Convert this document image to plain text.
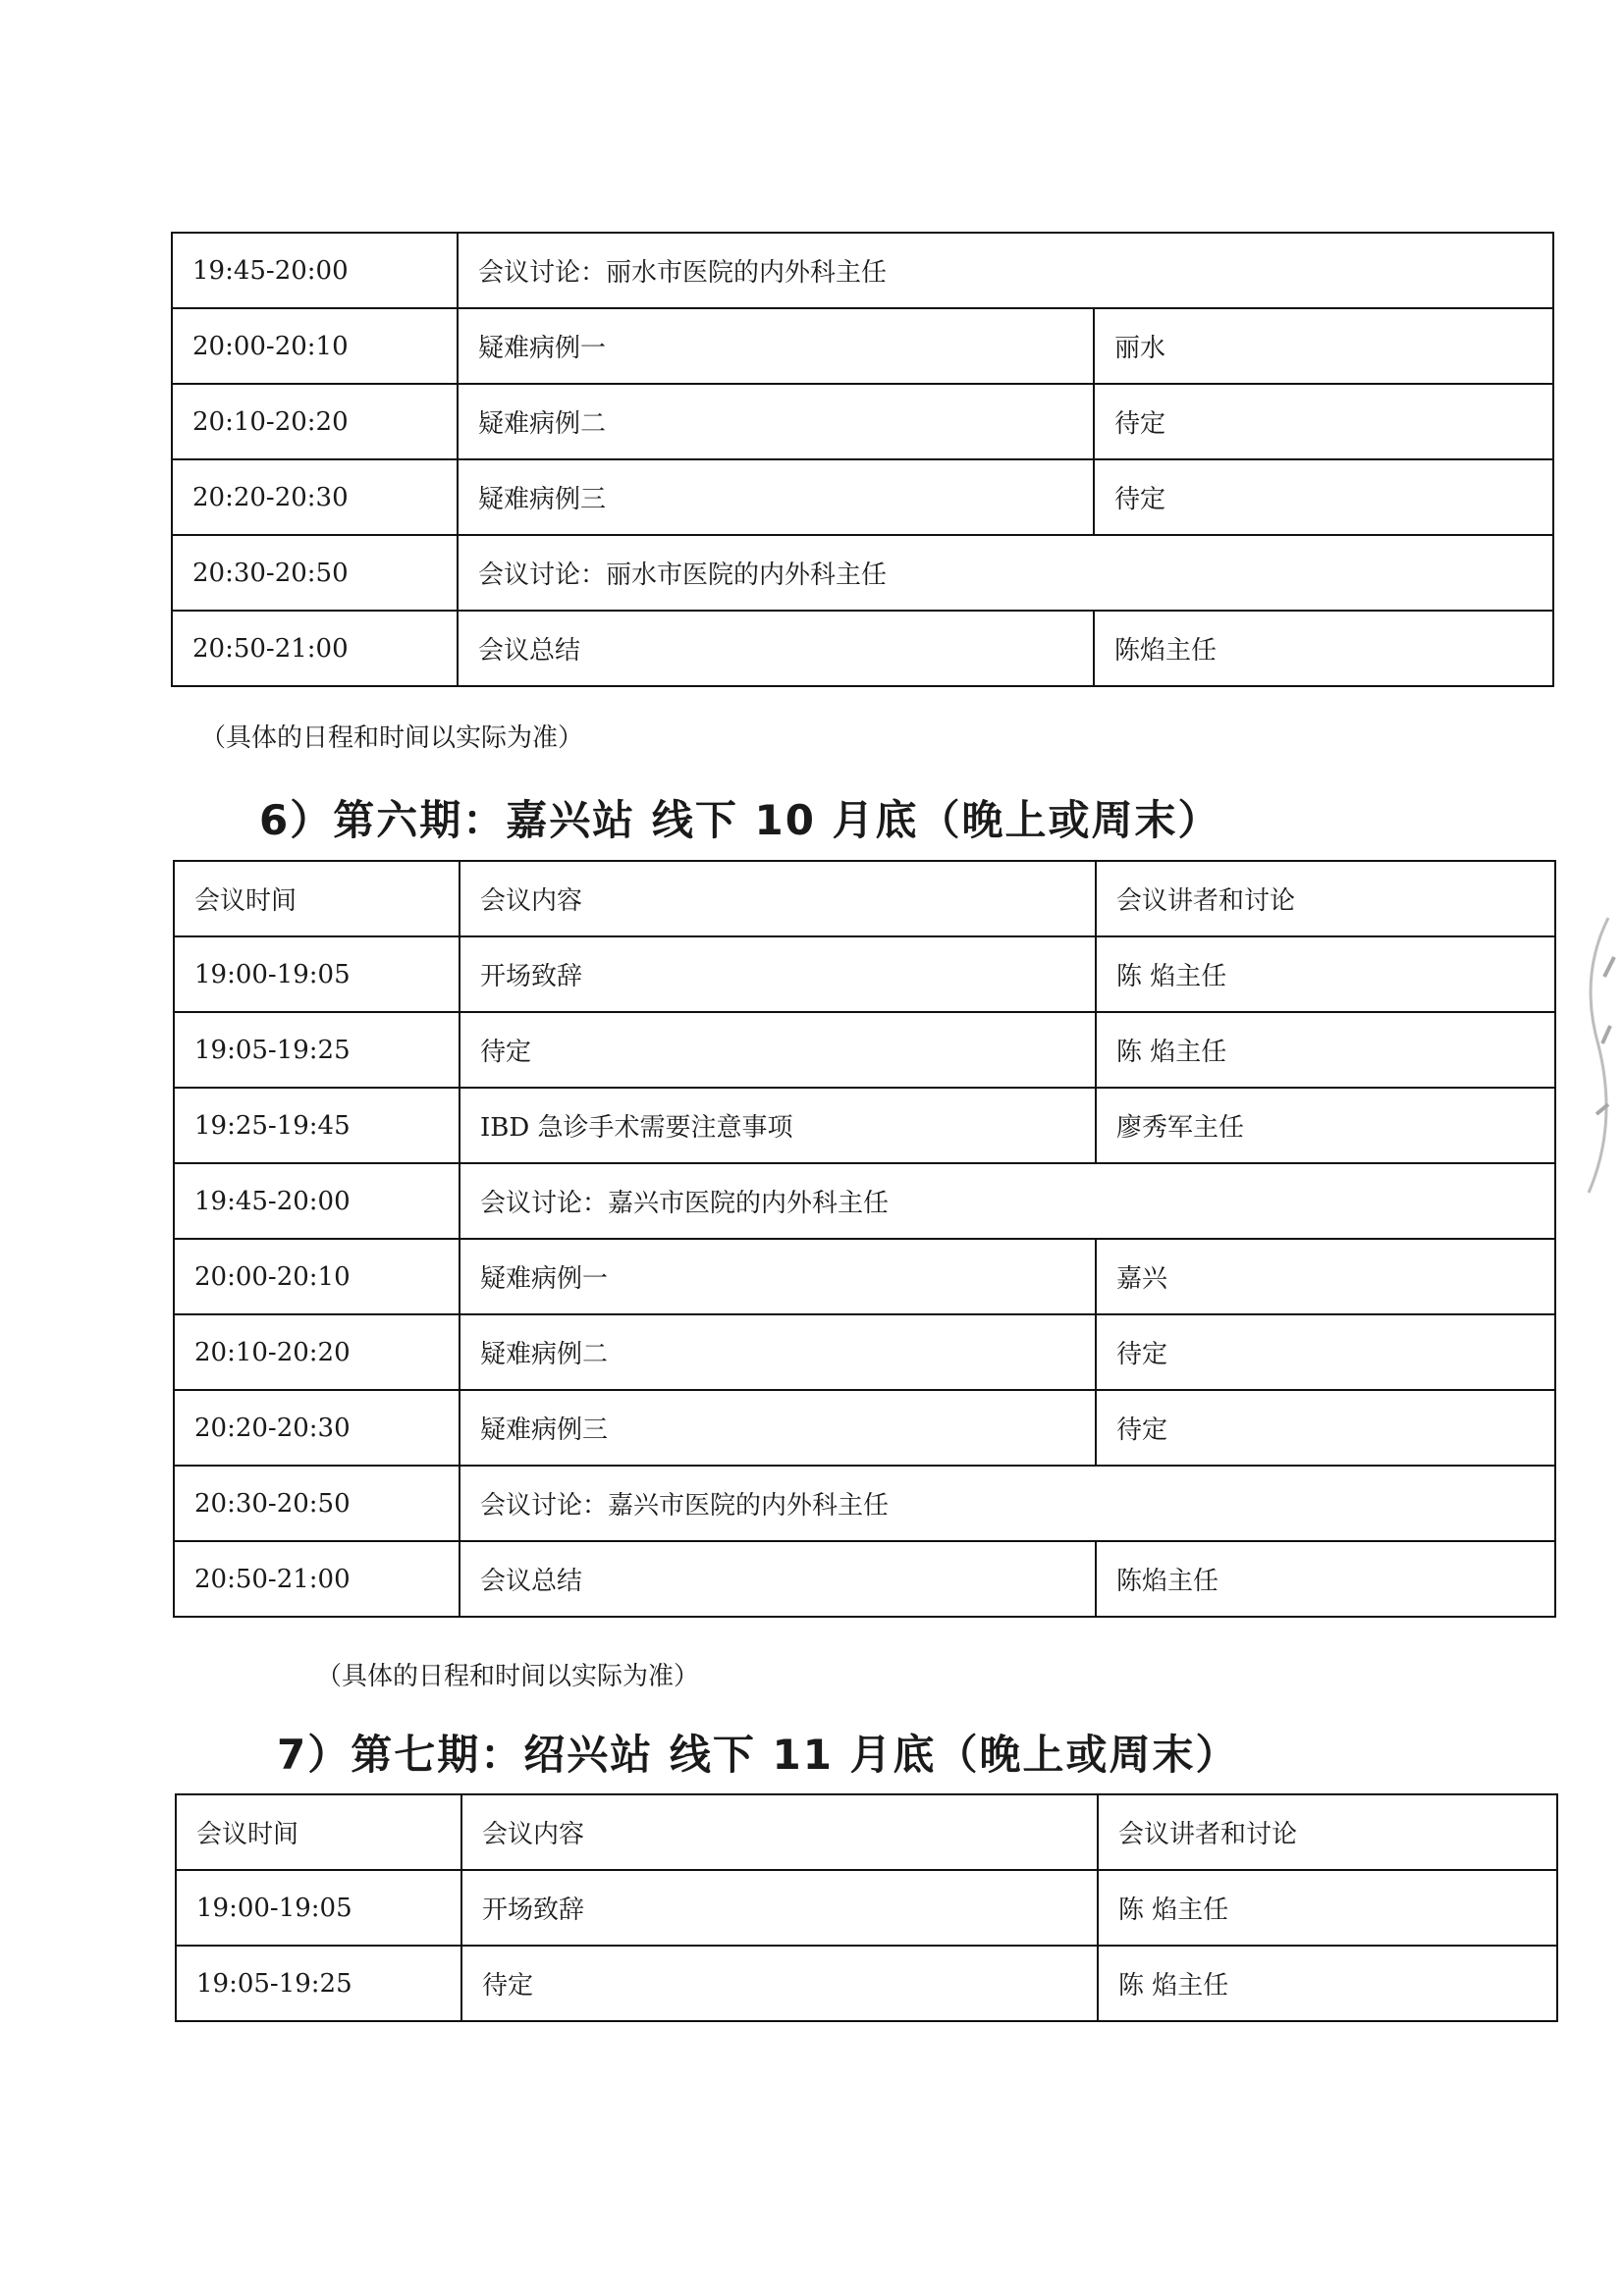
19:45-20:00	会议讨论：丽水市医院的内外科主任	
20:00-20:10	疑难病例一	丽水
20:10-20:20	疑难病例二	待定
20:20-20:30	疑难病例三	待定
20:30-20:50	会议讨论：丽水市医院的内外科主任	
20:50-21:00	会议总结	陈焰主任
（具体的日程和时间以实际为准）
6）第六期：嘉兴站 线下 10 月底（晚上或周末）
会议时间	会议内容	会议讲者和讨论
19:00-19:05	开场致辞	陈 焰主任
19:05-19:25	待定	陈 焰主任
19:25-19:45	IBD 急诊手术需要注意事项	廖秀军主任
19:45-20:00	会议讨论：嘉兴市医院的内外科主任	
20:00-20:10	疑难病例一	嘉兴
20:10-20:20	疑难病例二	待定
20:20-20:30	疑难病例三	待定
20:30-20:50	会议讨论：嘉兴市医院的内外科主任	
20:50-21:00	会议总结	陈焰主任
（具体的日程和时间以实际为准）
7）第七期：绍兴站 线下 11 月底（晚上或周末）
会议时间	会议内容	会议讲者和讨论
19:00-19:05	开场致辞	陈 焰主任
19:05-19:25	待定	陈 焰主任
